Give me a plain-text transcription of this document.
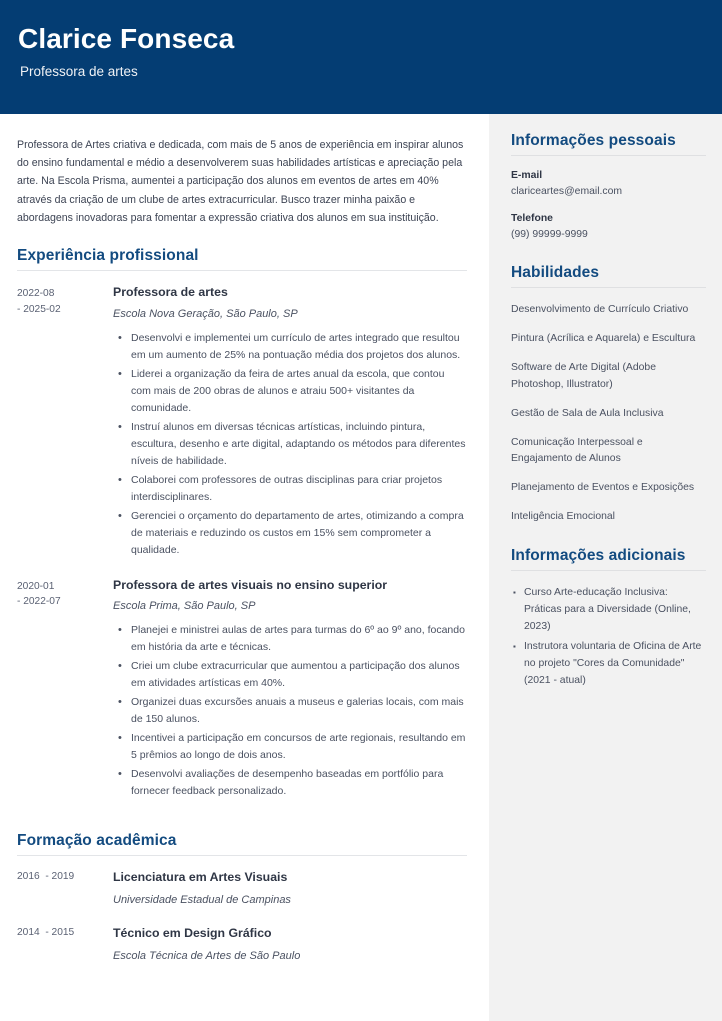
Clarice Fonseca
Professora de artes

Professora de Artes criativa e dedicada, com mais de 5 anos de experiência em inspirar alunos do ensino fundamental e médio a desenvolverem suas habilidades artísticas e apreciação pela arte. Na Escola Prisma, aumentei a participação dos alunos em eventos de artes em 40% através da criação de um clube de artes extracurricular. Busco trazer minha paixão e abordagens inovadoras para fomentar a expressão criativa dos alunos em sua instituição.

Experiência profissional
2022-08
- 2025-02
Professora de artes

Escola Nova Geração, São Paulo, SP

• Desenvolvi e implementei um currículo de artes integrado que resultou em um aumento de 25% na pontuação média dos projetos dos alunos.
• Liderei a organização da feira de artes anual da escola, que contou com mais de 200 obras de alunos e atraiu 500+ visitantes da comunidade.
• Instruí alunos em diversas técnicas artísticas, incluindo pintura, escultura, desenho e arte digital, adaptando os métodos para diferentes níveis de habilidade.
• Colaborei com professores de outras disciplinas para criar projetos interdisciplinares.
• Gerenciei o orçamento do departamento de artes, otimizando a compra de materiais e reduzindo os custos em 15% sem comprometer a qualidade.
2020-01
- 2022-07
Professora de artes visuais no ensino superior

Escola Prima, São Paulo, SP

• Planejei e ministrei aulas de artes para turmas do 6º ao 9º ano, focando em história da arte e técnicas.
• Criei um clube extracurricular que aumentou a participação dos alunos em atividades artísticas em 40%.
• Organizei duas excursões anuais a museus e galerias locais, com mais de 150 alunos.
• Incentivei a participação em concursos de arte regionais, resultando em 5 prêmios ao longo de dois anos.
• Desenvolvi avaliações de desempenho baseadas em portfólio para fornecer feedback personalizado.
Formação acadêmica
2016  - 2019	Licenciatura em Artes Visuais

Universidade Estadual de Campinas

2014  - 2015	Técnico em Design Gráfico

Escola Técnica de Artes de São Paulo

Informações pessoais

E-mail

clariceartes@email.com

Telefone

(99) 99999-9999

Habilidades
Desenvolvimento de Currículo Criativo
Pintura (Acrílica e Aquarela) e Escultura
Software de Arte Digital (Adobe Photoshop, Illustrator)
Gestão de Sala de Aula Inclusiva
Comunicação Interpessoal e Engajamento de Alunos
Planejamento de Eventos e Exposições
Inteligência Emocional
Informações adicionais
▪ Curso Arte-educação Inclusiva: Práticas para a Diversidade (Online, 2023)
▪ Instrutora voluntaria de Oficina de Arte no projeto "Cores da Comunidade" (2021 - atual)
